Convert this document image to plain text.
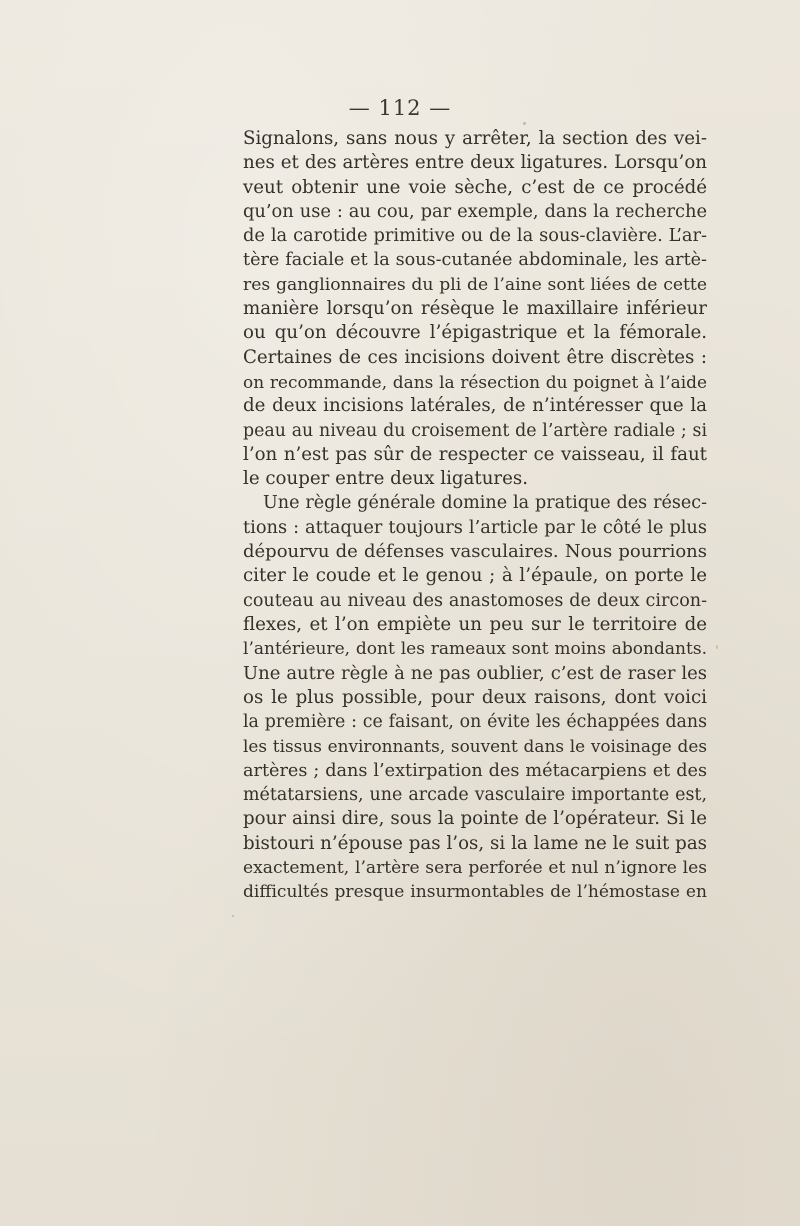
— 112 —
Signalons, sans nous y arrêter, la section des vei-
nes et des artères entre deux ligatures. Lorsqu’on
veut obtenir une voie sèche, c’est de ce procédé
qu’on use : au cou, par exemple, dans la recherche
de la carotide primitive ou de la sous-clavière. L’ar-
tère faciale et la sous-cutanée abdominale, les artè-
res ganglionnaires du pli de l’aine sont liées de cette
manière lorsqu’on résèque le maxillaire inférieur
ou qu’on découvre l’épigastrique et la fémorale.
Certaines de ces incisions doivent être discrètes :
on recommande, dans la résection du poignet à l’aide
de deux incisions latérales, de n’intéresser que la
peau au niveau du croisement de l’artère radiale ; si
l’on n’est pas sûr de respecter ce vaisseau, il faut
le couper entre deux ligatures.
Une règle générale domine la pratique des résec-
tions : attaquer toujours l’article par le côté le plus
dépourvu de défenses vasculaires. Nous pourrions
citer le coude et le genou ; à l’épaule, on porte le
couteau au niveau des anastomoses de deux circon-
flexes, et l’on empiète un peu sur le territoire de
l’antérieure, dont les rameaux sont moins abondants.
Une autre règle à ne pas oublier, c’est de raser les
os le plus possible, pour deux raisons, dont voici
la première : ce faisant, on évite les échappées dans
les tissus environnants, souvent dans le voisinage des
artères ; dans l’extirpation des métacarpiens et des
métatarsiens, une arcade vasculaire importante est,
pour ainsi dire, sous la pointe de l’opérateur. Si le
bistouri n’épouse pas l’os, si la lame ne le suit pas
exactement, l’artère sera perforée et nul n’ignore les
difficultés presque insurmontables de l’hémostase en
